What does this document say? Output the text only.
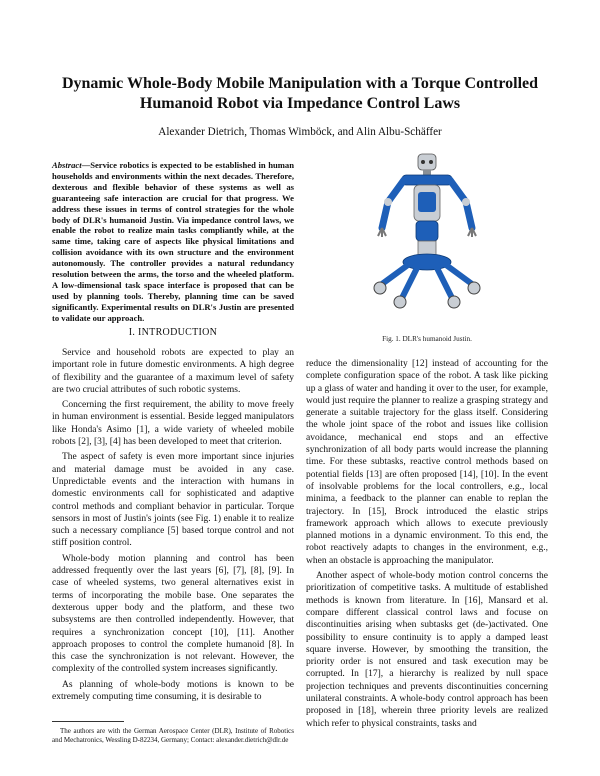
Dynamic Whole-Body Mobile Manipulation with a Torque Controlled Humanoid Robot via Impedance Control Laws
Alexander Dietrich, Thomas Wimböck, and Alin Albu-Schäffer
Abstract—Service robotics is expected to be established in human households and environments within the next decades. Therefore, dexterous and flexible behavior of these systems as well as guaranteeing safe interaction are crucial for that progress. We address these issues in terms of control strategies for the whole body of DLR's humanoid Justin. Via impedance control laws, we enable the robot to realize main tasks compliantly while, at the same time, taking care of aspects like physical limitations and collision avoidance with its own structure and the environment autonomously. The controller provides a natural redundancy resolution between the arms, the torso and the wheeled platform. A low-dimensional task space interface is proposed that can be used by planning tools. Thereby, planning time can be saved significantly. Experimental results on DLR's Justin are presented to validate our approach.
I. INTRODUCTION

Service and household robots are expected to play an important role in future domestic environments. A high degree of flexibility and the guarantee of a maximum level of safety are two crucial attributes of such robotic systems.

Concerning the first requirement, the ability to move freely in human environment is essential. Beside legged manipulators like Honda's Asimo [1], a wide variety of wheeled mobile robots [2], [3], [4] has been developed to meet that criterion.

The aspect of safety is even more important since injuries and material damage must be avoided in any case. Unpredictable events and the interaction with humans in domestic environments call for sophisticated and adaptive control methods and compliant behavior in particular. Torque sensors in most of Justin's joints (see Fig. 1) enable it to realize such a necessary compliance [5] based torque control and not stiff position control.

Whole-body motion planning and control has been addressed frequently over the last years [6], [7], [8], [9]. In case of wheeled systems, two general alternatives exist in terms of incorporating the mobile base. One separates the dexterous upper body and the platform, and these two subsystems are then controlled independently. However, that requires a synchronization concept [10], [11]. Another approach proposes to control the complete humanoid [8]. In this case the synchronization is not relevant. However, the complexity of the controlled system increases significantly.

As planning of whole-body motions is known to be extremely computing time consuming, it is desirable to

Fig. 1. DLR's humanoid Justin.

reduce the dimensionality [12] instead of accounting for the complete configuration space of the robot. A task like picking up a glass of water and handing it over to the user, for example, would just require the planner to realize a grasping strategy and generate a suitable trajectory for the glass itself. Considering the whole joint space of the robot and issues like collision avoidance, mechanical end stops and an effective synchronization of all body parts would increase the planning time. For these subtasks, reactive control methods based on potential fields [13] are often proposed [14], [10]. In the event of insolvable problems for the local controllers, e.g., local minima, a feedback to the planner can enable to replan the trajectory. In [15], Brock introduced the elastic strips framework approach which allows to execute previously planned motions in a dynamic environment. To this end, the robot reactively adapts to changes in the environment, e.g., when an obstacle is approaching the manipulator.

Another aspect of whole-body motion control concerns the prioritization of competitive tasks. A multitude of established methods is known from literature. In [16], Mansard et al. compare different classical control laws and focuse on discontinuities arising when subtasks get (de-)activated. One possibility to ensure continuity is to apply a damped least square inverse. However, by smoothing the transition, the priority order is not ensured and task execution may be corrupted. In [17], a hierarchy is realized by null space projection techniques and prevents discontinuities concerning unilateral constraints. A whole-body control approach has been proposed in [18], wherein three priority levels are realized which refer to physical constraints, tasks and

The authors are with the German Aerospace Center (DLR), Institute of Robotics and Mechatronics, Wessling D-82234, Germany; Contact: alexander.dietrich@dlr.de
